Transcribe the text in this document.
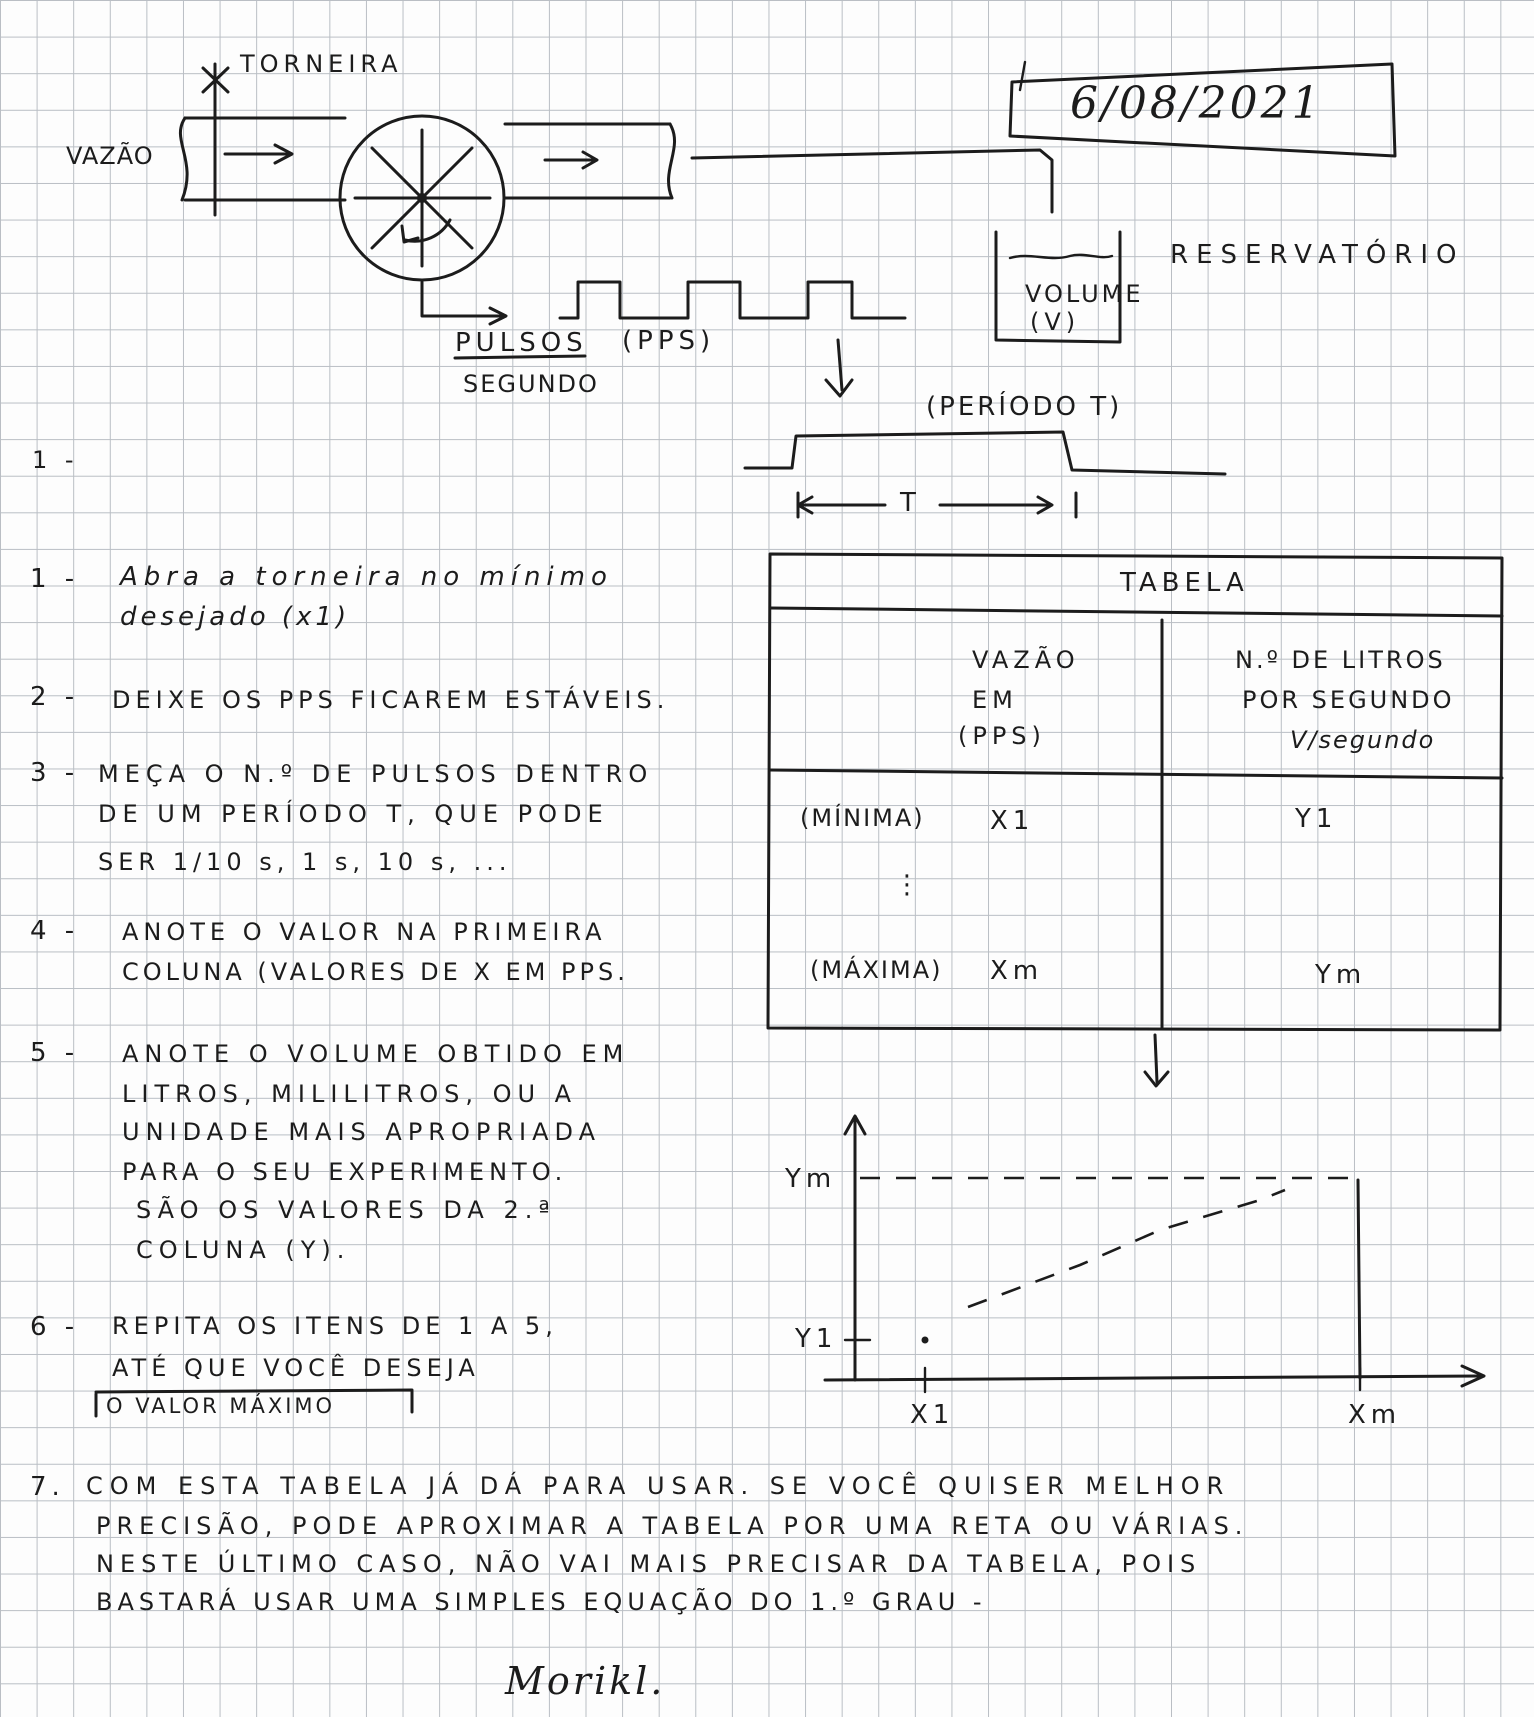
TORNEIRA
VAZÃO
6/08/2021
RESERVATÓRIO
VOLUME
(V)
PULSOS (PPS)
SEGUNDO
(PERÍODO T)
T
1 -
TABELA
VAZÃO
EM
(PPS)
N.º DE LITROS
POR SEGUNDO
V/segundo
(MÍNIMA)	X1	Y1
⋮
(MÁXIMA) Xm	Ym
Ym
Y1
X1	Xm
1 - Abra a torneira no mínimo
desejado (x1)
2 - DEIXE OS PPS FICAREM ESTÁVEIS.
3 - MEÇA O N.º DE PULSOS DENTRO
DE UM PERÍODO T, QUE PODE
SER 1/10 s, 1 s, 10 s, ...
4 - ANOTE O VALOR NA PRIMEIRA
COLUNA (VALORES DE X EM PPS.
5 - ANOTE O VOLUME OBTIDO EM
LITROS, MILILITROS, OU A
UNIDADE MAIS APROPRIADA
PARA O SEU EXPERIMENTO.
SÃO OS VALORES DA 2.ª
COLUNA (Y).
6 - REPITA OS ITENS DE 1 A 5,
ATÉ QUE VOCÊ DESEJA
O VALOR MÁXIMO
7. COM ESTA TABELA JÁ DÁ PARA USAR. SE VOCÊ QUISER MELHOR
PRECISÃO, PODE APROXIMAR A TABELA POR UMA RETA OU VÁRIAS.
NESTE ÚLTIMO CASO, NÃO VAI MAIS PRECISAR DA TABELA, POIS
BASTARÁ USAR UMA SIMPLES EQUAÇÃO DO 1.º GRAU -
Morikl.
